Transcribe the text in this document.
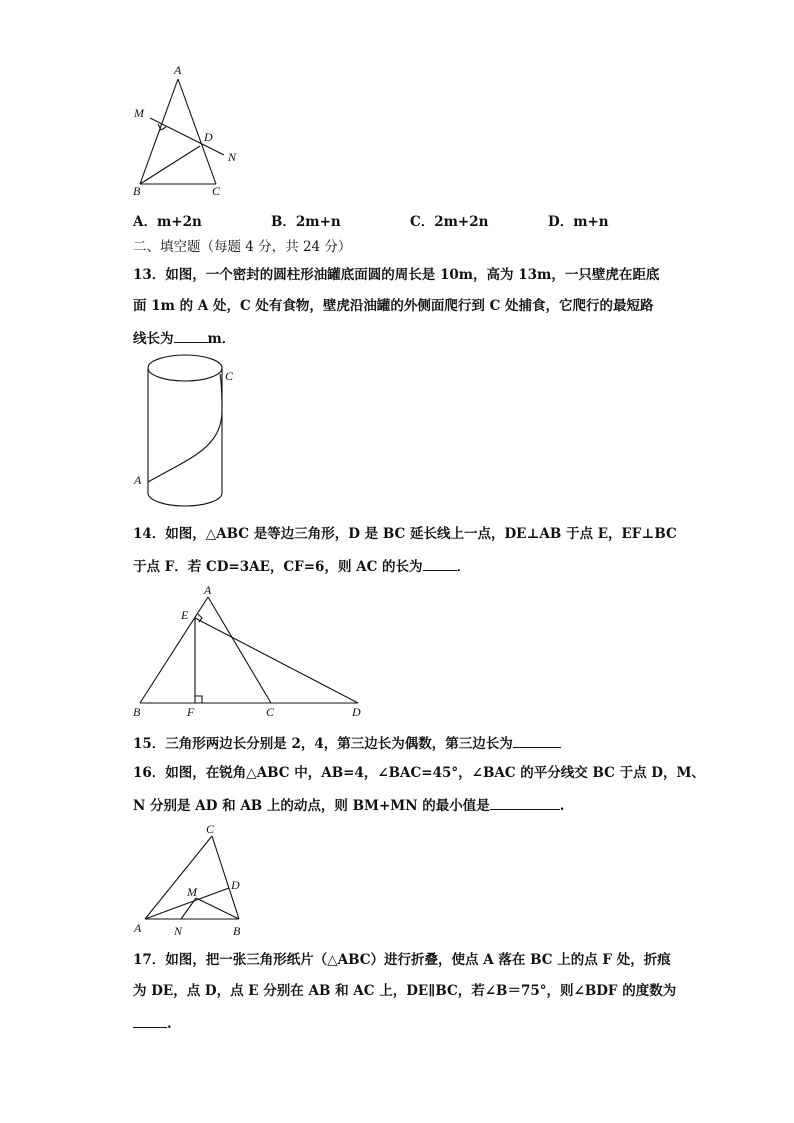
A
M
D
N
B	C
A．m+2n	B．2m+n	C．2m+2n	D．m+n
二、填空题（每题 4 分，共 24 分）
13．如图，一个密封的圆柱形油罐底面圆的周长是 10m，高为 13m，一只壁虎在距底
面 1m 的 A 处，C 处有食物，壁虎沿油罐的外侧面爬行到 C 处捕食，它爬行的最短路
线长为	m．
A
C
14．如图，△ABC 是等边三角形，D 是 BC 延长线上一点，DE⊥AB 于点 E，EF⊥BC
于点 F．若 CD=3AE，CF=6，则 AC 的长为	．
A
E
B	F	C	D
15．三角形两边长分别是 2，4，第三边长为偶数，第三边长为
16．如图，在锐角△ABC 中，AB=4，∠BAC=45°，∠BAC 的平分线交 BC 于点 D，M、
N 分别是 AD 和 AB 上的动点，则 BM+MN 的最小值是	.
C
D
M
A	N	B
17．如图，把一张三角形纸片（△ABC）进行折叠，使点 A 落在 BC 上的点 F 处，折痕
为 DE，点 D，点 E 分别在 AB 和 AC 上，DE∥BC，若∠B＝75°，则∠BDF 的度数为
.
